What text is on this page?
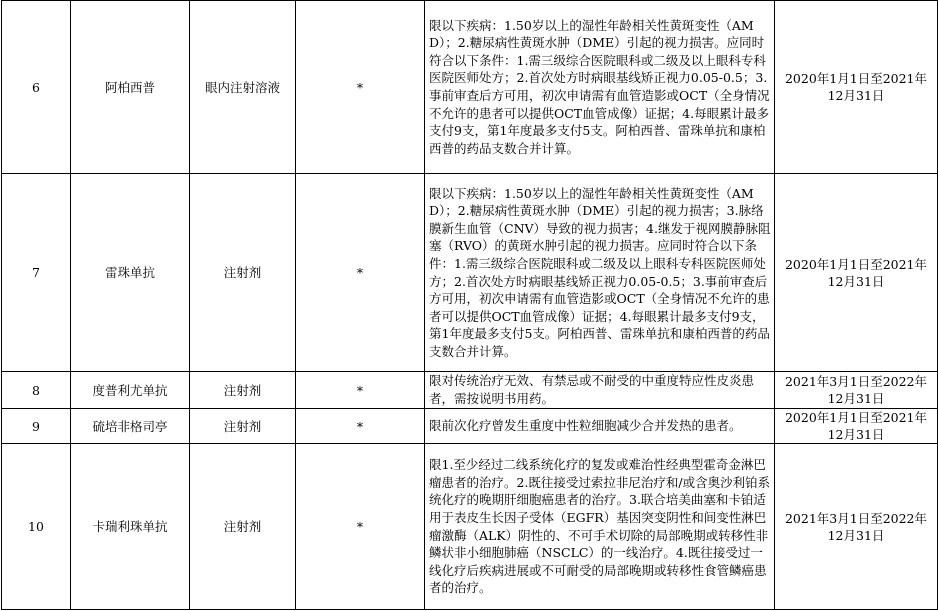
6	阿柏西普	眼内注射溶液	*	限以下疾病：1.50岁以上的湿性年龄相关性黄斑变性（AMD）；2.糖尿病性黄斑水肿（DME）引起的视力损害。应同时符合以下条件：1.需三级综合医院眼科或二级及以上眼科专科医院医师处方；2.首次处方时病眼基线矫正视力0.05-0.5；3.事前审查后方可用，初次申请需有血管造影或OCT（全身情况不允许的患者可以提供OCT血管成像）证据；4.每眼累计最多支付9支，第1年度最多支付5支。阿柏西普、雷珠单抗和康柏西普的药品支数合并计算。	2020年1月1日至2021年
12月31日
7	雷珠单抗	注射剂	*	限以下疾病：1.50岁以上的湿性年龄相关性黄斑变性（AMD）；2.糖尿病性黄斑水肿（DME）引起的视力损害；3.脉络膜新生血管（CNV）导致的视力损害；4.继发于视网膜静脉阻塞（RVO）的黄斑水肿引起的视力损害。应同时符合以下条件：1.需三级综合医院眼科或二级及以上眼科专科医院医师处方；2.首次处方时病眼基线矫正视力0.05-0.5；3.事前审查后方可用，初次申请需有血管造影或OCT（全身情况不允许的患者可以提供OCT血管成像）证据；4.每眼累计最多支付9支，第1年度最多支付5支。阿柏西普、雷珠单抗和康柏西普的药品支数合并计算。	2020年1月1日至2021年
12月31日
8	度普利尤单抗	注射剂	*	限对传统治疗无效、有禁忌或不耐受的中重度特应性皮炎患者，需按说明书用药。	2021年3月1日至2022年
12月31日
9	硫培非格司亭	注射剂	*	限前次化疗曾发生重度中性粒细胞减少合并发热的患者。	2020年1月1日至2021年
12月31日
10	卡瑞利珠单抗	注射剂	*	限1.至少经过二线系统化疗的复发或难治性经典型霍奇金淋巴瘤患者的治疗。2.既往接受过索拉非尼治疗和/或含奥沙利铂系统化疗的晚期肝细胞癌患者的治疗。3.联合培美曲塞和卡铂适用于表皮生长因子受体（EGFR）基因突变阴性和间变性淋巴瘤激酶（ALK）阴性的、不可手术切除的局部晚期或转移性非鳞状非小细胞肺癌（NSCLC）的一线治疗。4.既往接受过一线化疗后疾病进展或不可耐受的局部晚期或转移性食管鳞癌患者的治疗。	2021年3月1日至2022年
12月31日
